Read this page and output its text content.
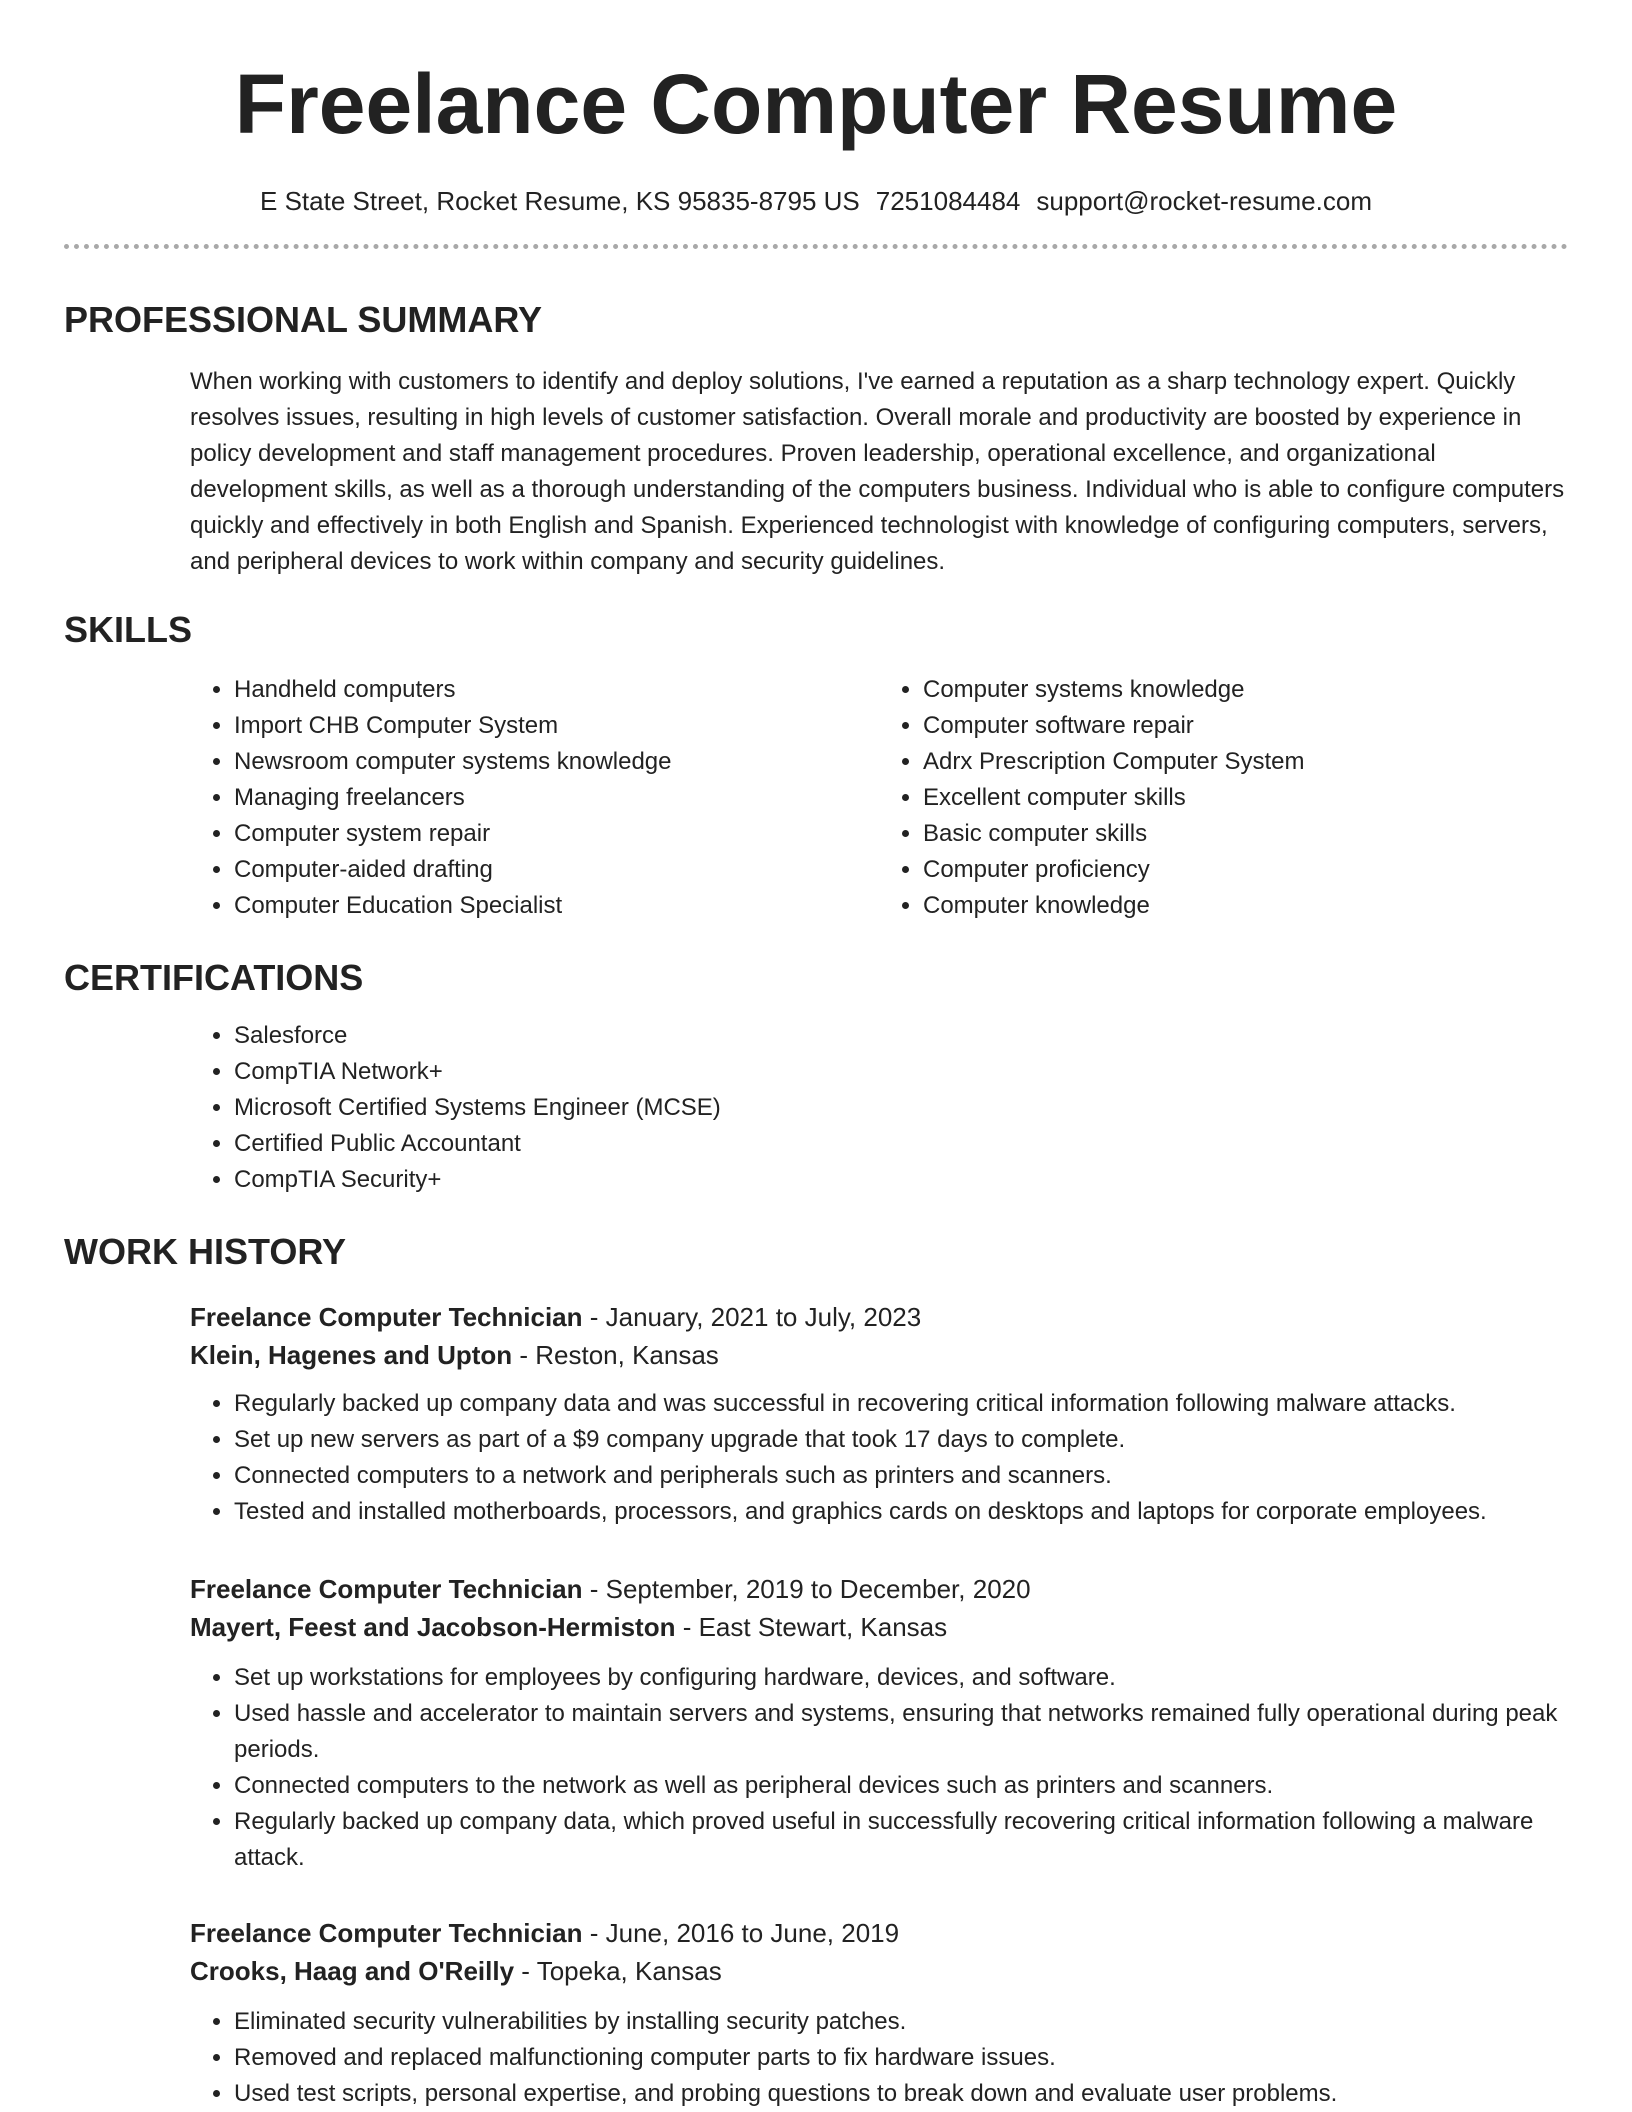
Freelance Computer Resume
E State Street, Rocket Resume, KS 95835-8795 US 7251084484 support@rocket-resume.com
PROFESSIONAL SUMMARY

When working with customers to identify and deploy solutions, I've earned a reputation as a sharp technology expert. Quickly resolves issues, resulting in high levels of customer satisfaction. Overall morale and productivity are boosted by experience in policy development and staff management procedures. Proven leadership, operational excellence, and organizational development skills, as well as a thorough understanding of the computers business. Individual who is able to configure computers quickly and effectively in both English and Spanish. Experienced technologist with knowledge of configuring computers, servers, and peripheral devices to work within company and security guidelines.

SKILLS
• Handheld computers
• Import CHB Computer System
• Newsroom computer systems knowledge
• Managing freelancers
• Computer system repair
• Computer-aided drafting
• Computer Education Specialist
• Computer systems knowledge
• Computer software repair
• Adrx Prescription Computer System
• Excellent computer skills
• Basic computer skills
• Computer proficiency
• Computer knowledge
CERTIFICATIONS
• Salesforce
• CompTIA Network+
• Microsoft Certified Systems Engineer (MCSE)
• Certified Public Accountant
• CompTIA Security+
WORK HISTORY

Freelance Computer Technician - January, 2021 to July, 2023

Klein, Hagenes and Upton - Reston, Kansas

• Regularly backed up company data and was successful in recovering critical information following malware attacks.
• Set up new servers as part of a $9 company upgrade that took 17 days to complete.
• Connected computers to a network and peripherals such as printers and scanners.
• Tested and installed motherboards, processors, and graphics cards on desktops and laptops for corporate employees.

Freelance Computer Technician - September, 2019 to December, 2020

Mayert, Feest and Jacobson-Hermiston - East Stewart, Kansas

• Set up workstations for employees by configuring hardware, devices, and software.
• Used hassle and accelerator to maintain servers and systems, ensuring that networks remained fully operational during peak periods.
• Connected computers to the network as well as peripheral devices such as printers and scanners.
• Regularly backed up company data, which proved useful in successfully recovering critical information following a malware attack.

Freelance Computer Technician - June, 2016 to June, 2019

Crooks, Haag and O'Reilly - Topeka, Kansas

• Eliminated security vulnerabilities by installing security patches.
• Removed and replaced malfunctioning computer parts to fix hardware issues.
• Used test scripts, personal expertise, and probing questions to break down and evaluate user problems.
